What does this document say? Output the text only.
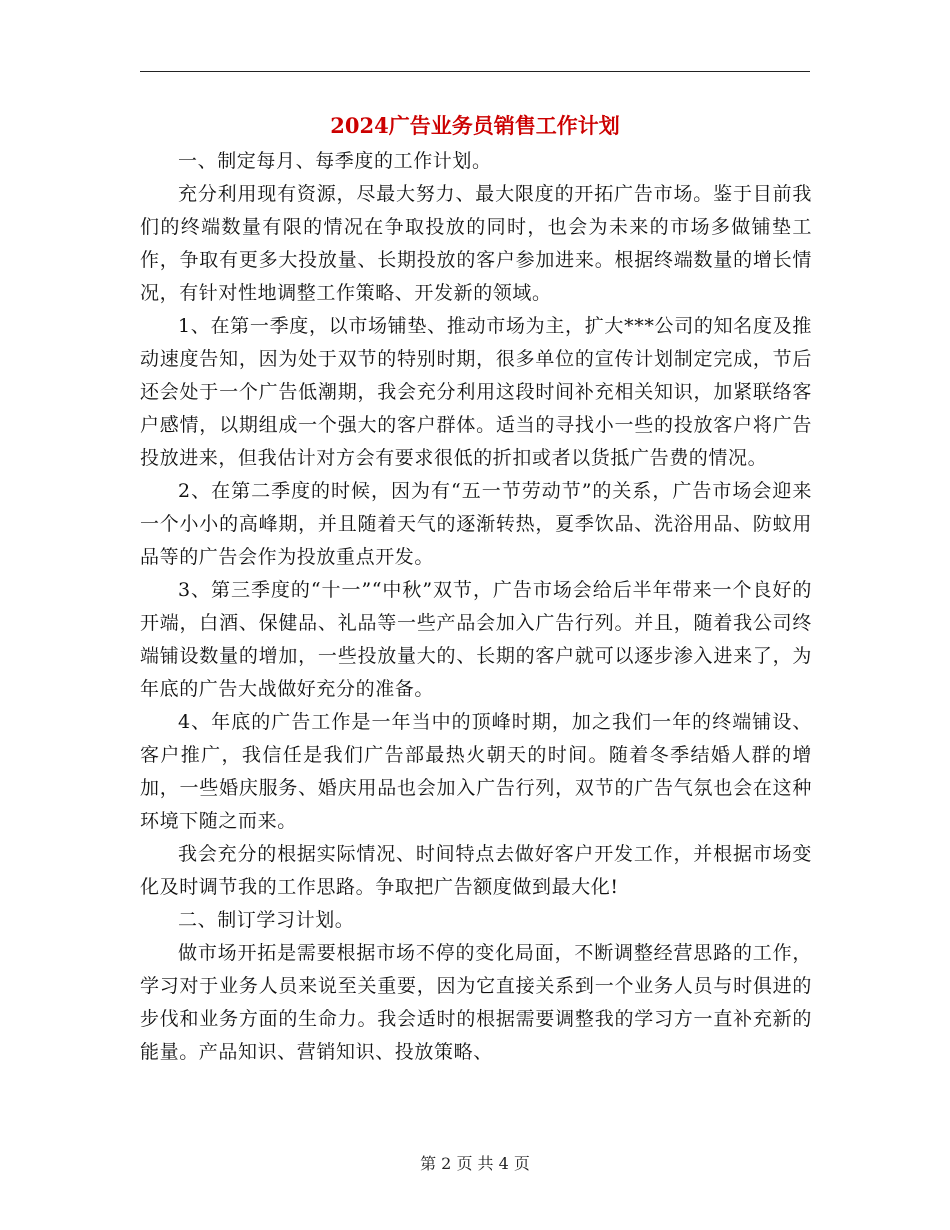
2024广告业务员销售工作计划

一、制定每月、每季度的工作计划。

充分利用现有资源，尽最大努力、最大限度的开拓广告市场。鉴于目前我们的终端数量有限的情况在争取投放的同时，也会为未来的市场多做铺垫工作，争取有更多大投放量、长期投放的客户参加进来。根据终端数量的增长情况，有针对性地调整工作策略、开发新的领域。

1、在第一季度，以市场铺垫、推动市场为主，扩大***公司的知名度及推动速度告知，因为处于双节的特别时期，很多单位的宣传计划制定完成，节后还会处于一个广告低潮期，我会充分利用这段时间补充相关知识，加紧联络客户感情，以期组成一个强大的客户群体。适当的寻找小一些的投放客户将广告投放进来，但我估计对方会有要求很低的折扣或者以货抵广告费的情况。

2、在第二季度的时候，因为有“五一节劳动节”的关系，广告市场会迎来一个小小的高峰期，并且随着天气的逐渐转热，夏季饮品、洗浴用品、防蚊用品等的广告会作为投放重点开发。

3、第三季度的“十一”“中秋”双节，广告市场会给后半年带来一个良好的开端，白酒、保健品、礼品等一些产品会加入广告行列。并且，随着我公司终端铺设数量的增加，一些投放量大的、长期的客户就可以逐步渗入进来了，为年底的广告大战做好充分的准备。

4、年底的广告工作是一年当中的顶峰时期，加之我们一年的终端铺设、客户推广，我信任是我们广告部最热火朝天的时间。随着冬季结婚人群的增加，一些婚庆服务、婚庆用品也会加入广告行列，双节的广告气氛也会在这种环境下随之而来。

我会充分的根据实际情况、时间特点去做好客户开发工作，并根据市场变化及时调节我的工作思路。争取把广告额度做到最大化!

二、制订学习计划。

做市场开拓是需要根据市场不停的变化局面，不断调整经营思路的工作，学习对于业务人员来说至关重要，因为它直接关系到一个业务人员与时俱进的步伐和业务方面的生命力。我会适时的根据需要调整我的学习方一直补充新的能量。产品知识、营销知识、投放策略、

第 2 页 共 4 页
